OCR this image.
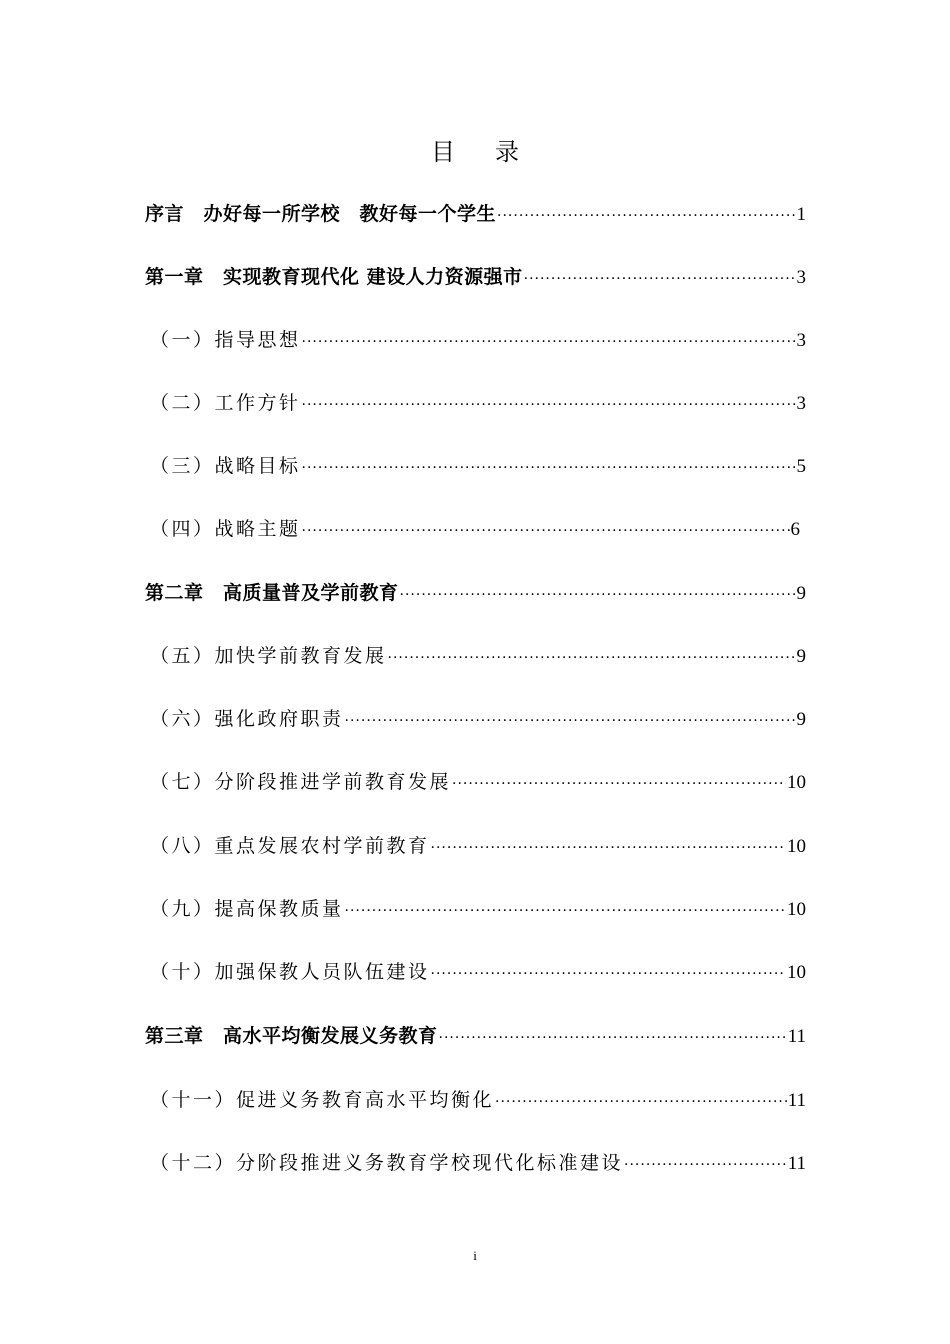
目 录
序言　办好每一所学校　教好每一个学生 ·····	1
第一章　实现教育现代化 建设人力资源强市 ·····	3
（一）指导思想 ·····	3
（二）工作方针 ·····	3
（三）战略目标 ·····	5
（四）战略主题 ·····	6
第二章　高质量普及学前教育 ·····	9
（五）加快学前教育发展 ·····	9
（六）强化政府职责 ·····	9
（七）分阶段推进学前教育发展 ·····	10
（八）重点发展农村学前教育 ·····	10
（九）提高保教质量 ·····	10
（十）加强保教人员队伍建设 ·····	10
第三章　高水平均衡发展义务教育 ·····	11
（十一）促进义务教育高水平均衡化 ·····	11
（十二）分阶段推进义务教育学校现代化标准建设 ·····	11
i
